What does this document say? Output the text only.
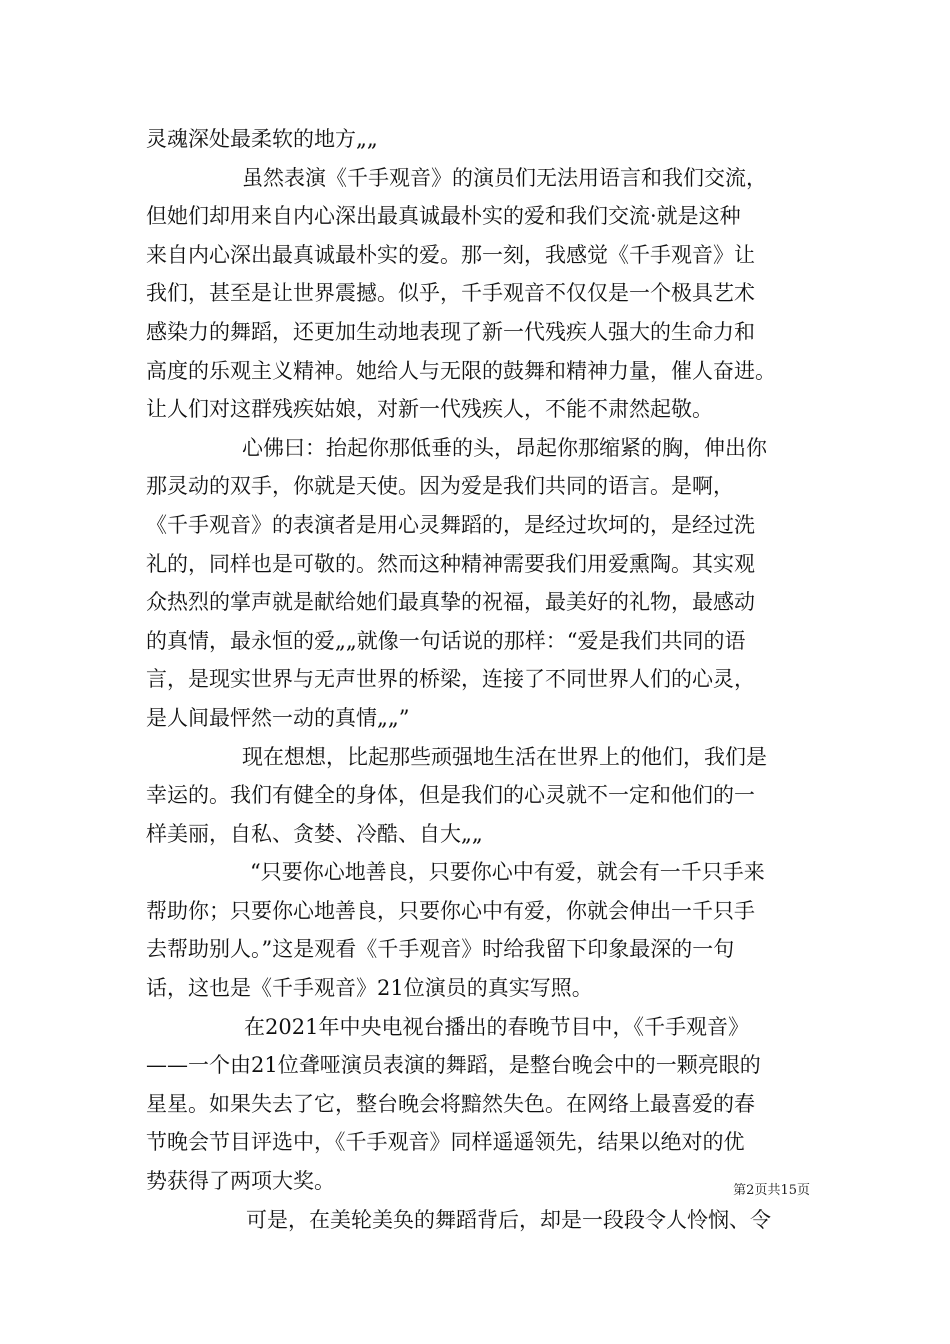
灵魂深处最柔软的地方„„
虽然表演《千手观音》的演员们无法用语言和我们交流，
但她们却用来自内心深出最真诚最朴实的爱和我们交流·就是这种
来自内心深出最真诚最朴实的爱。那一刻，我感觉《千手观音》让
我们，甚至是让世界震撼。似乎，千手观音不仅仅是一个极具艺术
感染力的舞蹈，还更加生动地表现了新一代残疾人强大的生命力和
高度的乐观主义精神。她给人与无限的鼓舞和精神力量，催人奋进。
让人们对这群残疾姑娘，对新一代残疾人，不能不肃然起敬。
心佛曰：抬起你那低垂的头，昂起你那缩紧的胸，伸出你
那灵动的双手，你就是天使。因为爱是我们共同的语言。是啊，
《千手观音》的表演者是用心灵舞蹈的，是经过坎坷的，是经过洗
礼的，同样也是可敬的。然而这种精神需要我们用爱熏陶。其实观
众热烈的掌声就是献给她们最真挚的祝福，最美好的礼物，最感动
的真情，最永恒的爱„„就像一句话说的那样：“爱是我们共同的语
言，是现实世界与无声世界的桥梁，连接了不同世界人们的心灵，
是人间最怦然一动的真情„„”
现在想想，比起那些顽强地生活在世界上的他们，我们是
幸运的。我们有健全的身体，但是我们的心灵就不一定和他们的一
样美丽，自私、贪婪、冷酷、自大„„
“只要你心地善良，只要你心中有爱，就会有一千只手来
帮助你；只要你心地善良，只要你心中有爱，你就会伸出一千只手
去帮助别人。”这是观看《千手观音》时给我留下印象最深的一句
话，这也是《千手观音》21位演员的真实写照。
在2021年中央电视台播出的春晚节目中，《千手观音》
——一个由21位聋哑演员表演的舞蹈，是整台晚会中的一颗亮眼的
星星。如果失去了它，整台晚会将黯然失色。在网络上最喜爱的春
节晚会节目评选中，《千手观音》同样遥遥领先，结果以绝对的优
势获得了两项大奖。
可是，在美轮美奂的舞蹈背后，却是一段段令人怜悯、令
第2页共15页
